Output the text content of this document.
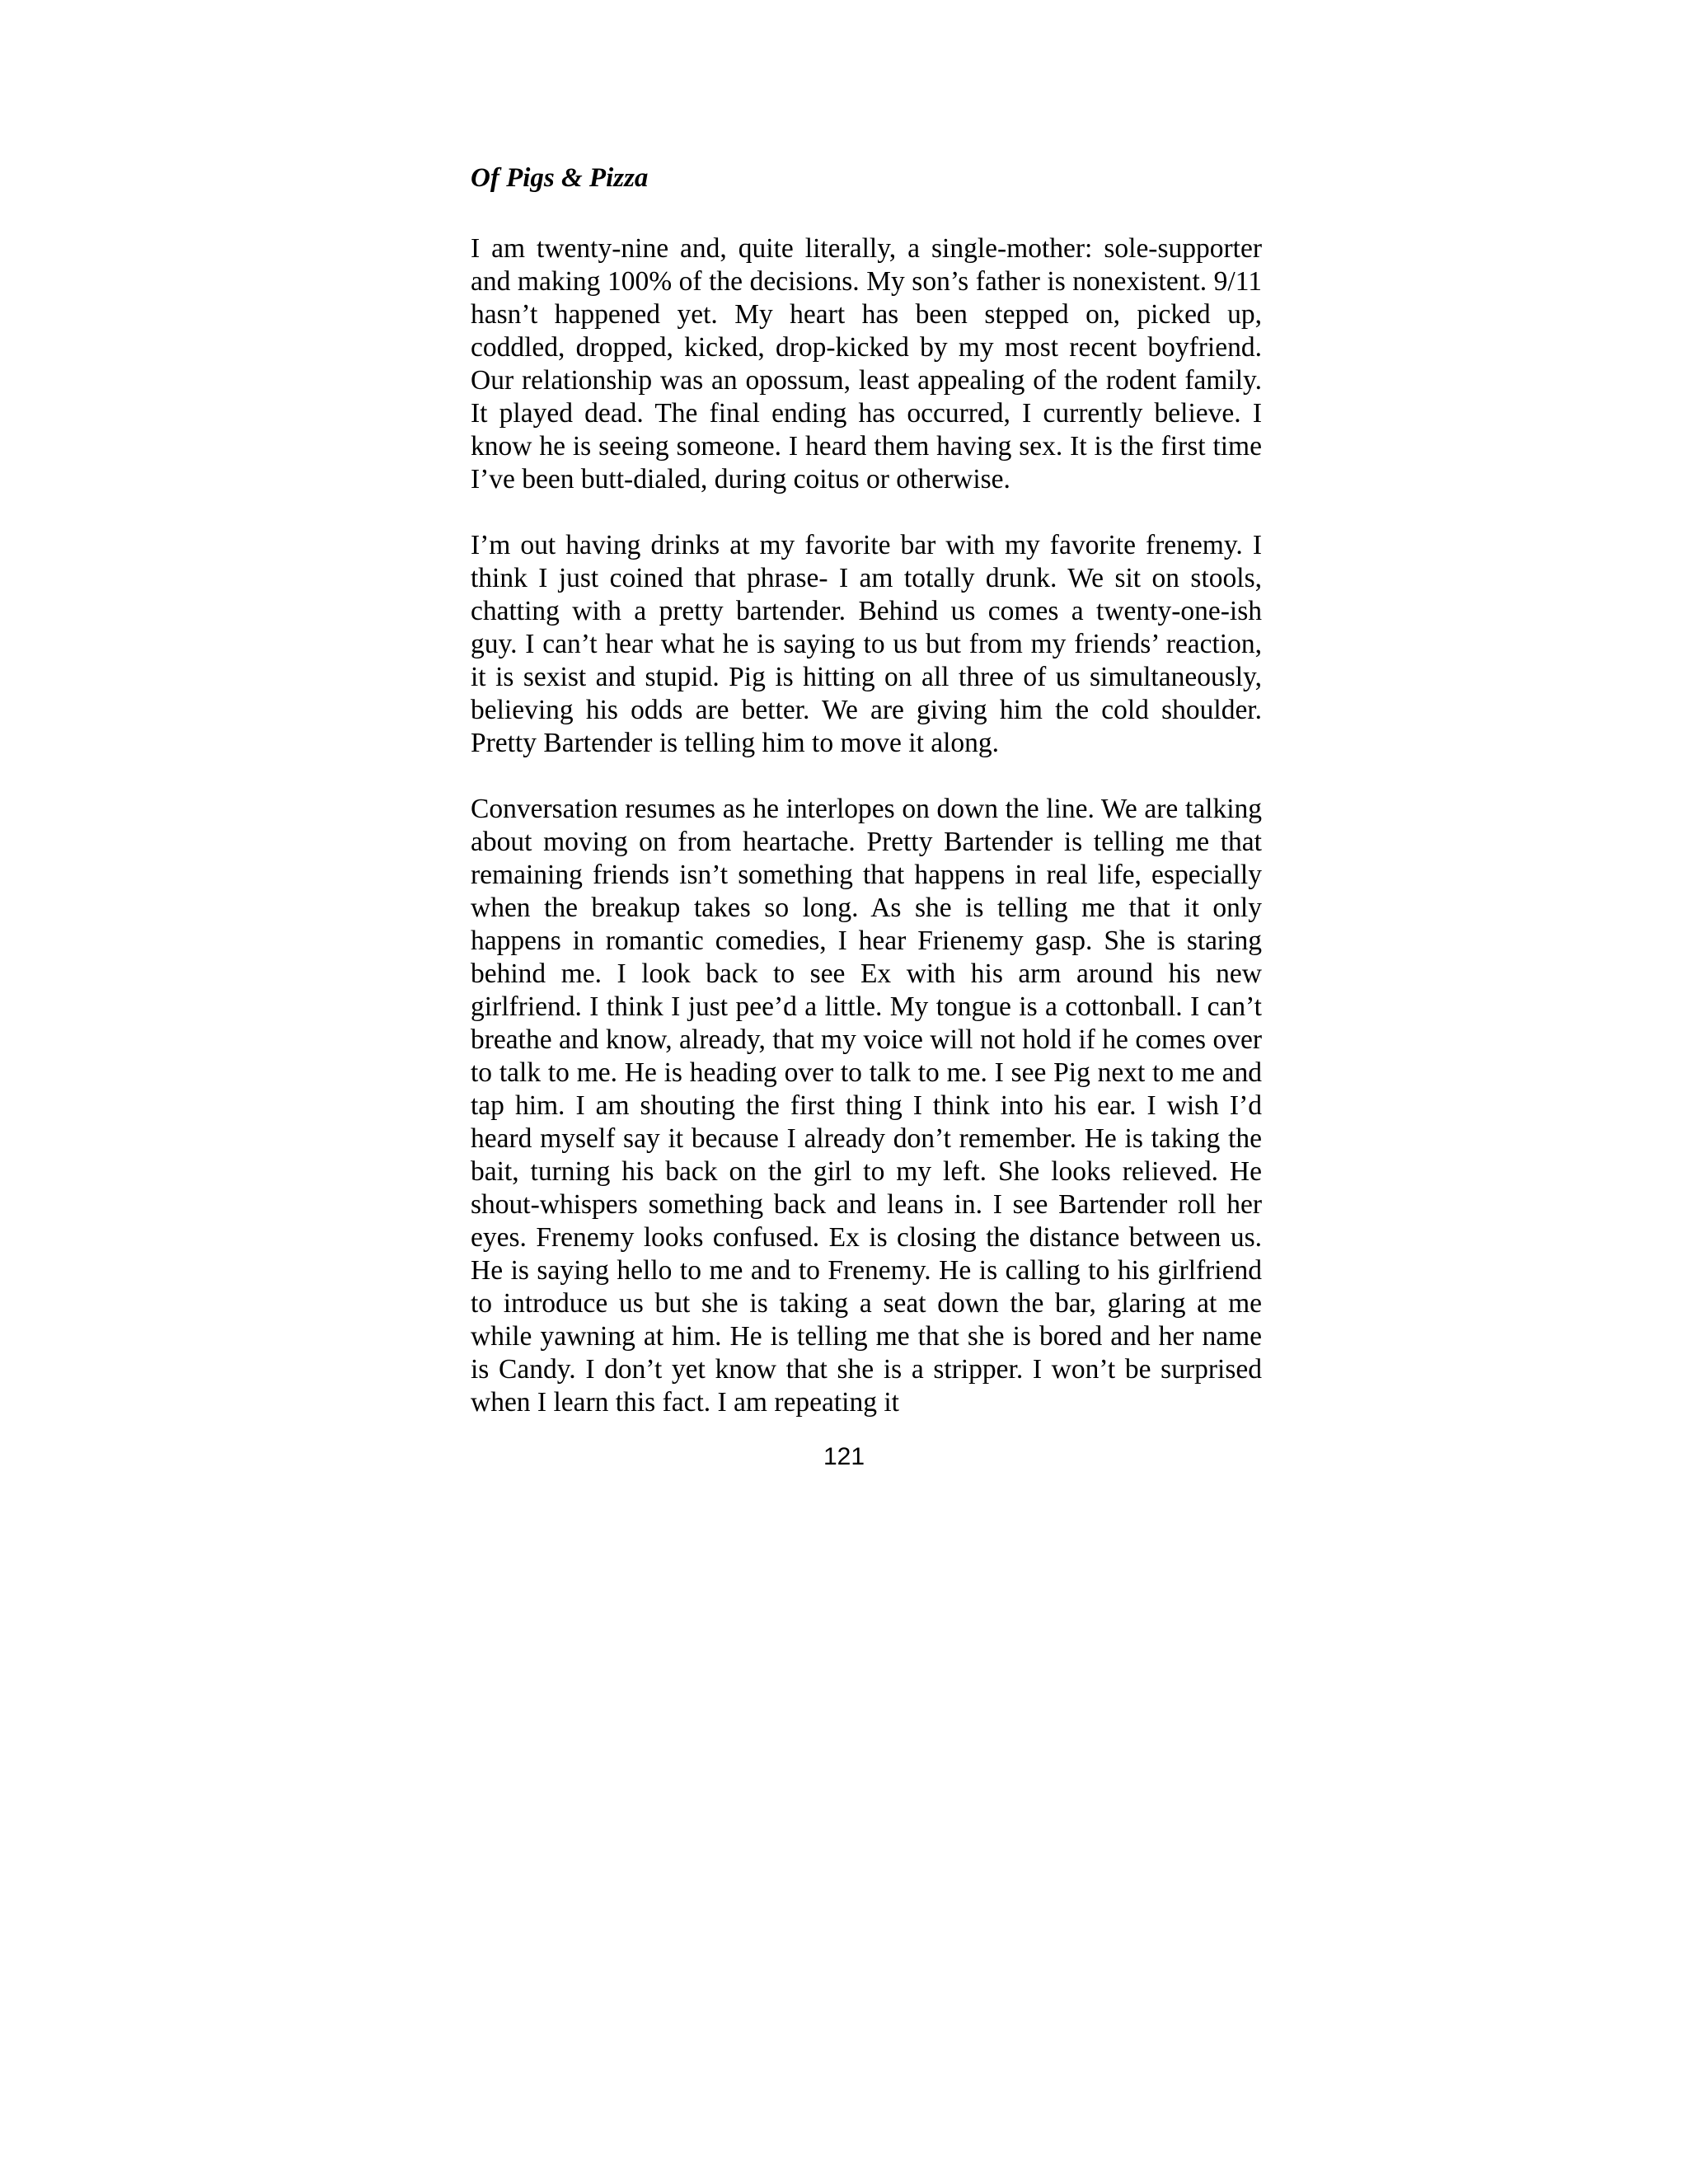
Of Pigs & Pizza

I am twenty-nine and, quite literally, a single-mother: sole-supporter and making 100% of the decisions. My son’s father is nonexistent. 9/11 hasn’t happened yet. My heart has been stepped on, picked up, coddled, dropped, kicked, drop-kicked by my most recent boyfriend. Our relationship was an opossum, least appealing of the rodent family. It played dead. The final ending has occurred, I currently believe. I know he is seeing someone. I heard them having sex. It is the first time I’ve been butt-dialed, during coitus or otherwise.

I’m out having drinks at my favorite bar with my favorite frenemy. I think I just coined that phrase- I am totally drunk. We sit on stools, chatting with a pretty bartender. Behind us comes a twenty-one-ish guy. I can’t hear what he is saying to us but from my friends’ reaction, it is sexist and stupid. Pig is hitting on all three of us simultaneously, believing his odds are better. We are giving him the cold shoulder. Pretty Bartender is telling him to move it along.

Conversation resumes as he interlopes on down the line. We are talking about moving on from heartache. Pretty Bartender is telling me that remaining friends isn’t something that happens in real life, especially when the breakup takes so long. As she is telling me that it only happens in romantic comedies, I hear Frienemy gasp. She is staring behind me. I look back to see Ex with his arm around his new girlfriend. I think I just pee’d a little. My tongue is a cottonball. I can’t breathe and know, already, that my voice will not hold if he comes over to talk to me. He is heading over to talk to me. I see Pig next to me and tap him. I am shouting the first thing I think into his ear. I wish I’d heard myself say it because I already don’t remember. He is taking the bait, turning his back on the girl to my left. She looks relieved. He shout-whispers something back and leans in. I see Bartender roll her eyes. Frenemy looks confused. Ex is closing the distance between us. He is saying hello to me and to Frenemy. He is calling to his girlfriend to introduce us but she is taking a seat down the bar, glaring at me while yawning at him. He is telling me that she is bored and her name is Candy. I don’t yet know that she is a stripper. I won’t be surprised when I learn this fact. I am repeating it

121
